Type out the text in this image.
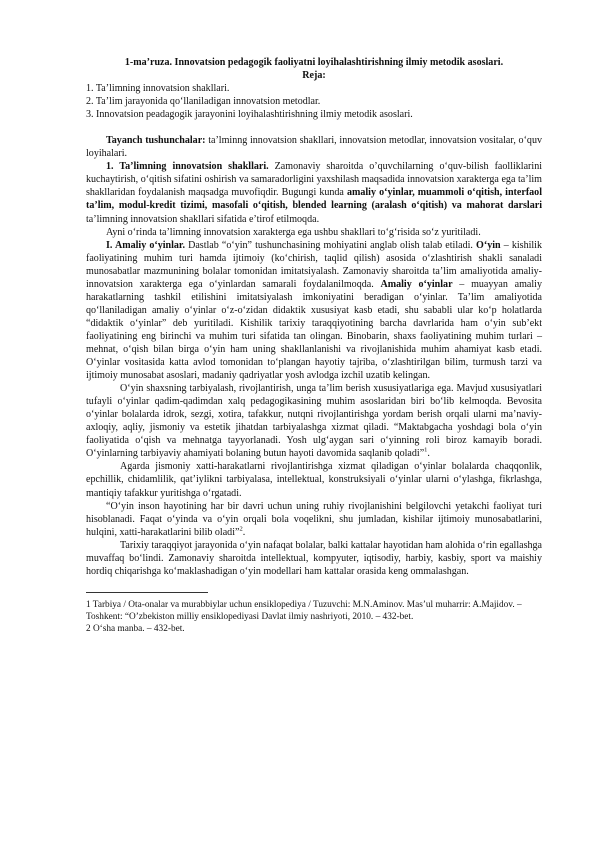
1-ma’ruza. Innovatsion pedagogik faoliyatni loyihalashtirishning ilmiy metodik asoslari.

Reja:

1. Ta’limning innovatsion shakllari.

2. Ta’lim jarayonida qo‘llaniladigan innovatsion metodlar.

3. Innovatsion peadagogik jarayonini loyihalashtirishning ilmiy metodik asoslari.

Tayanch tushunchalar: ta’lminng innovatsion shakllari, innovatsion metodlar, innovatsion vositalar, o‘quv loyihalari.

1. Ta’limning innovatsion shakllari. Zamonaviy sharoitda o’quvchilarning o‘quv-bilish faolliklarini kuchaytirish, o‘qitish sifatini oshirish va samaradorligini yaxshilash maqsadida innovatsion xarakterga ega ta’lim shakllaridan foydalanish maqsadga muvofiqdir. Bugungi kunda amaliy o‘yinlar, muammoli o‘qitish, interfaol ta’lim, modul-kredit tizimi, masofali o‘qitish, blended learning (aralash o‘qitish) va mahorat darslari ta’limning innovatsion shakllari sifatida e’tirof etilmoqda.

Ayni o‘rinda ta’limning innovatsion xarakterga ega ushbu shakllari to‘g‘risida so‘z yuritiladi.

I. Amaliy o‘yinlar. Dastlab “o‘yin” tushunchasining mohiyatini anglab olish talab etiladi. O‘yin – kishilik faoliyatining muhim turi hamda ijtimoiy (ko‘chirish, taqlid qilish) asosida o‘zlashtirish shakli sanaladi munosabatlar mazmunining bolalar tomonidan imitatsiyalash. Zamonaviy sharoitda ta’lim amaliyotida amaliy-innovatsion xarakterga ega o‘yinlardan samarali foydalanilmoqda. Amaliy o‘yinlar – muayyan amaliy harakatlarning tashkil etilishini imitatsiyalash imkoniyatini beradigan o‘yinlar. Ta’lim amaliyotida qo‘llaniladigan amaliy o‘yinlar o‘z-o‘zidan didaktik xususiyat kasb etadi, shu sababli ular ko‘p holatlarda “didaktik o‘yinlar” deb yuritiladi. Kishilik tarixiy taraqqiyotining barcha davrlarida ham o‘yin sub’ekt faoliyatining eng birinchi va muhim turi sifatida tan olingan. Binobarin, shaxs faoliyatining muhim turlari – mehnat, o‘qish bilan birga o‘yin ham uning shakllanlanishi va rivojlanishida muhim ahamiyat kasb etadi. O‘yinlar vositasida katta avlod tomonidan to‘plangan hayotiy tajriba, o‘zlashtirilgan bilim, turmush tarzi va ijtimoiy munosabat asoslari, madaniy qadriyatlar yosh avlodga izchil uzatib kelingan.

O‘yin shaxsning tarbiyalash, rivojlantirish, unga ta’lim berish xususiyatlariga ega. Mavjud xususiyatlari tufayli o‘yinlar qadim-qadimdan xalq pedagogikasining muhim asoslaridan biri bo‘lib kelmoqda. Bevosita o‘yinlar bolalarda idrok, sezgi, xotira, tafakkur, nutqni rivojlantirishga yordam berish orqali ularni ma’naviy-axloqiy, aqliy, jismoniy va estetik jihatdan tarbiyalashga xizmat qiladi. “Maktabgacha yoshdagi bola o‘yin faoliyatida o‘qish va mehnatga tayyorlanadi. Yosh ulg‘aygan sari o‘yinning roli biroz kamayib boradi. O‘yinlarning tarbiyaviy ahamiyati bolaning butun hayoti davomida saqlanib qoladi”$^1$.

Agarda jismoniy xatti-harakatlarni rivojlantirishga xizmat qiladigan o‘yinlar bolalarda chaqqonlik, epchillik, chidamlilik, qat’iylikni tarbiyalasa, intellektual, konstruksiyali o‘yinlar ularni o‘ylashga, fikrlashga, mantiqiy tafakkur yuritishga o‘rgatadi.

“O‘yin inson hayotining har bir davri uchun uning ruhiy rivojlanishini belgilovchi yetakchi faoliyat turi hisoblanadi. Faqat o‘yinda va o‘yin orqali bola voqelikni, shu jumladan, kishilar ijtimoiy munosabatlarini, hulqini, xatti-harakatlarini bilib oladi”$^2$.

Tarixiy taraqqiyot jarayonida o‘yin nafaqat bolalar, balki kattalar hayotidan ham alohida o‘rin egallashga muvaffaq bo‘lindi. Zamonaviy sharoitda intellektual, kompyuter, iqtisodiy, harbiy, kasbiy, sport va maishiy hordiq chiqarishga ko‘maklashadigan o‘yin modellari ham kattalar orasida keng ommalashgan.

1 Tarbiya / Ota-onalar va murabbiylar uchun ensiklopediya / Tuzuvchi: M.N.Aminov. Mas’ul muharrir: A.Majidov. – Toshkent: “O’zbekiston milliy ensiklopediyasi Davlat ilmiy nashriyoti, 2010. – 432-bet.

2 O‘sha manba. – 432-bet.
